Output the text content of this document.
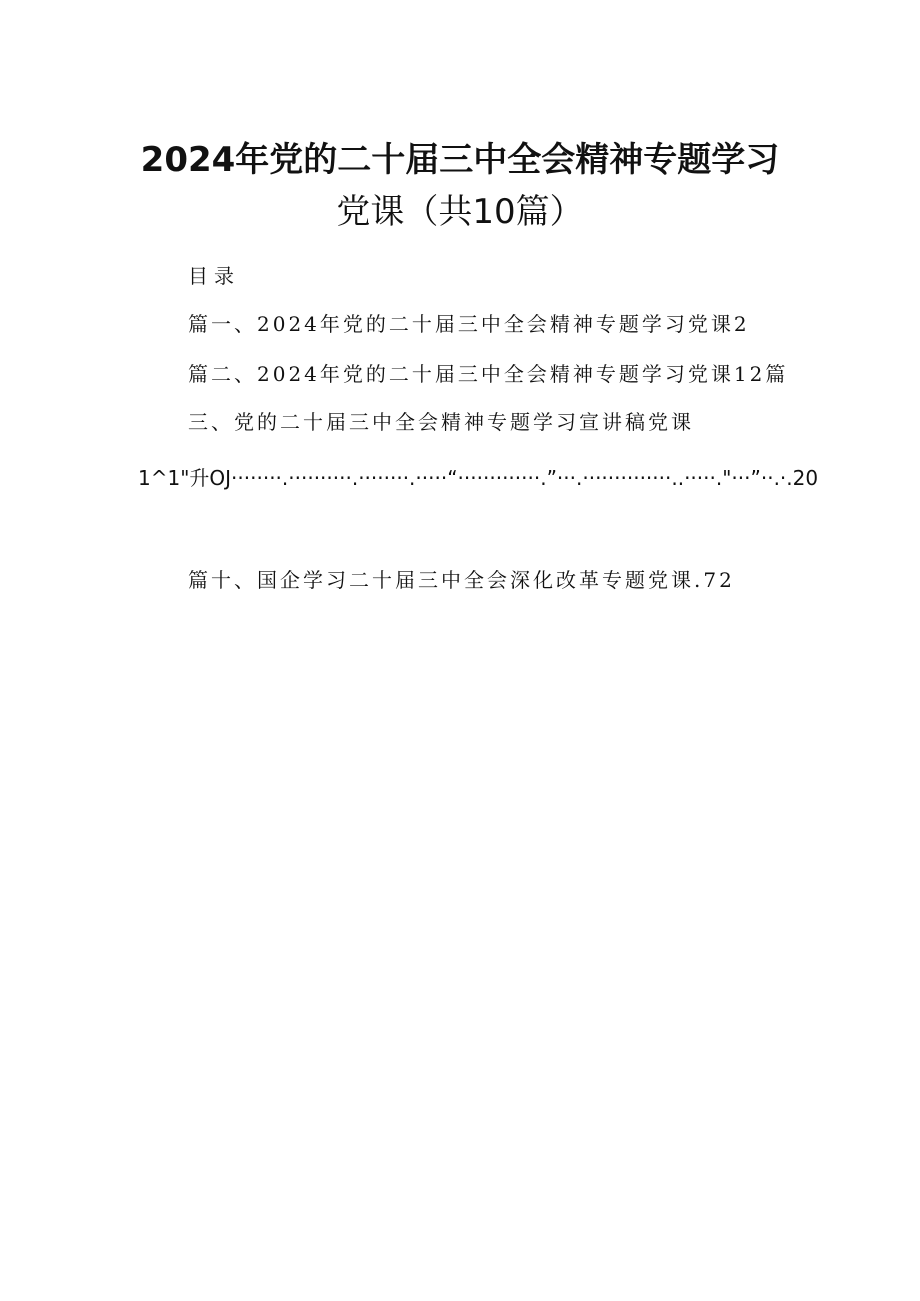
2024年党的二十届三中全会精神专题学习
党课（共10篇）
目录
篇一、2024年党的二十届三中全会精神专题学习党课2
篇二、2024年党的二十届三中全会精神专题学习党课12篇
三、党的二十届三中全会精神专题学习宣讲稿党课
1^1"升OJ········.··········.········.·····“·············.”···.··············..·····."···”··.·.20
篇十、国企学习二十届三中全会深化改革专题党课.72
